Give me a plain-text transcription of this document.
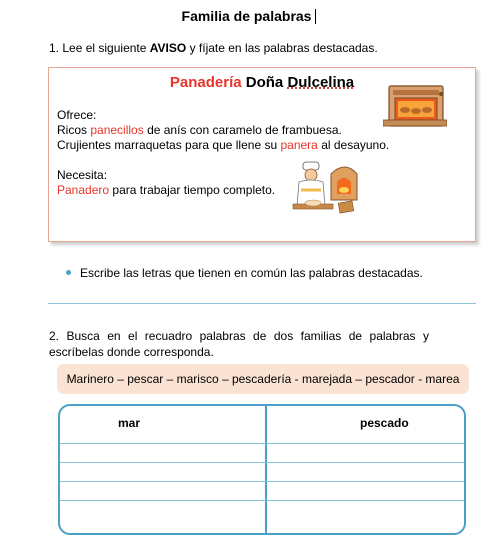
Familia de palabras
1. Lee el siguiente AVISO y fíjate en las palabras destacadas.
Panadería Doña Dulcelina
Ofrece:
Ricos panecillos de anís con caramelo de frambuesa.
Crujientes marraquetas para que llene su panera al desayuno.
Necesita:
Panadero para trabajar tiempo completo.
Escribe las letras que tienen en común las palabras destacadas.
2. Busca en el recuadro palabras de dos familias de palabras y escríbelas donde corresponda.
Marinero – pescar – marisco – pescadería - marejada – pescador - marea
mar	pescado
